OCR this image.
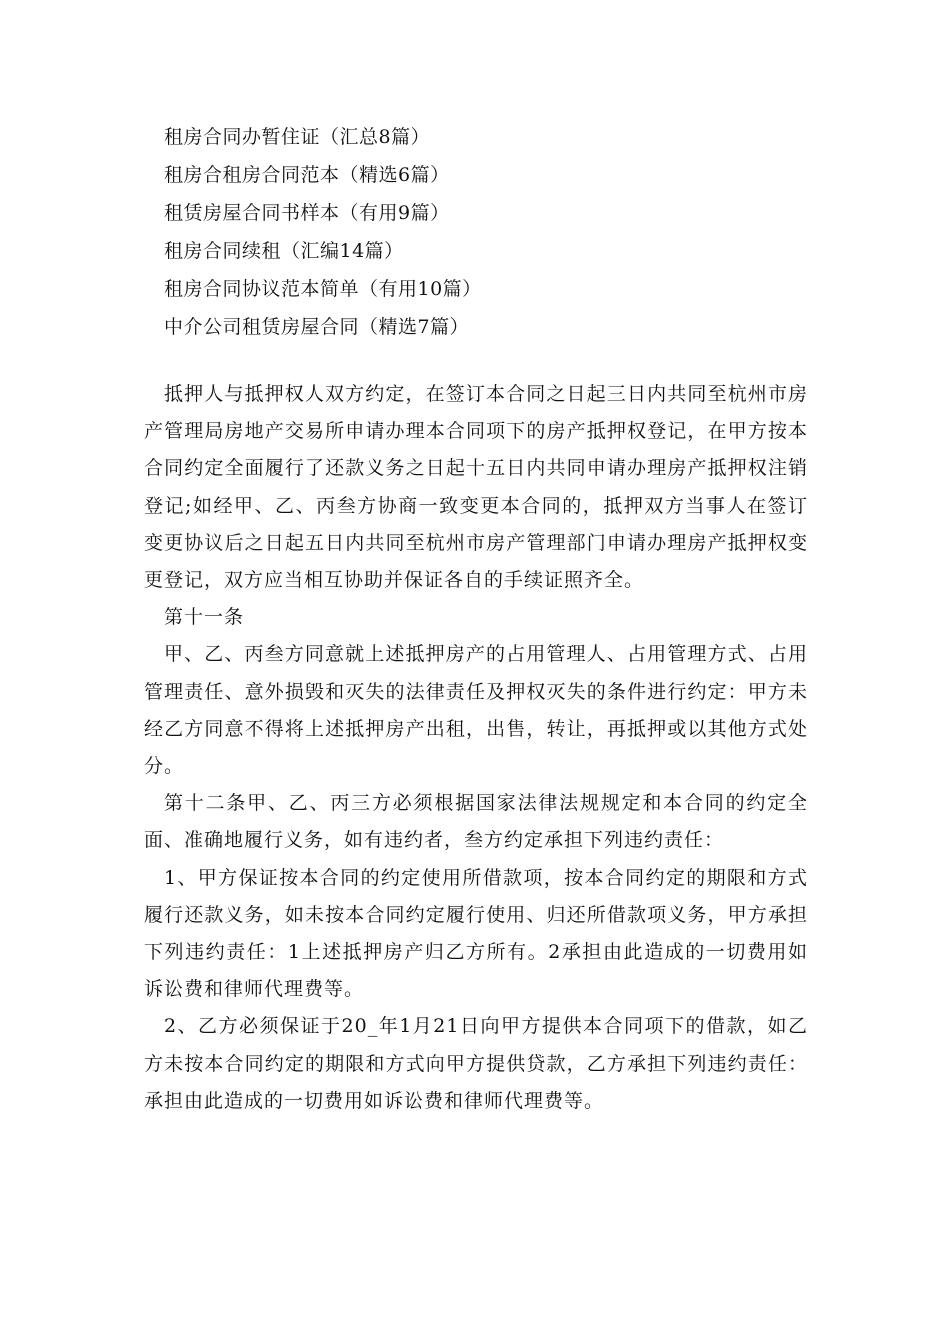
租房合同办暂住证（汇总8篇）
租房合租房合同范本（精选6篇）
租赁房屋合同书样本（有用9篇）
租房合同续租（汇编14篇）
租房合同协议范本简单（有用10篇）
中介公司租赁房屋合同（精选7篇）

抵押人与抵押权人双方约定，在签订本合同之日起三日内共同至杭州市房产管理局房地产交易所申请办理本合同项下的房产抵押权登记，在甲方按本合同约定全面履行了还款义务之日起十五日内共同申请办理房产抵押权注销登记;如经甲、乙、丙叁方协商一致变更本合同的，抵押双方当事人在签订变更协议后之日起五日内共同至杭州市房产管理部门申请办理房产抵押权变更登记，双方应当相互协助并保证各自的手续证照齐全。

第十一条

甲、乙、丙叁方同意就上述抵押房产的占用管理人、占用管理方式、占用管理责任、意外损毁和灭失的法律责任及押权灭失的条件进行约定：甲方未经乙方同意不得将上述抵押房产出租，出售，转让，再抵押或以其他方式处分。

第十二条甲、乙、丙三方必须根据国家法律法规规定和本合同的约定全面、准确地履行义务，如有违约者，叁方约定承担下列违约责任：

1、甲方保证按本合同的约定使用所借款项，按本合同约定的期限和方式履行还款义务，如未按本合同约定履行使用、归还所借款项义务，甲方承担下列违约责任：1上述抵押房产归乙方所有。2承担由此造成的一切费用如诉讼费和律师代理费等。

2、乙方必须保证于20_年1月21日向甲方提供本合同项下的借款，如乙方未按本合同约定的期限和方式向甲方提供贷款，乙方承担下列违约责任：承担由此造成的一切费用如诉讼费和律师代理费等。
